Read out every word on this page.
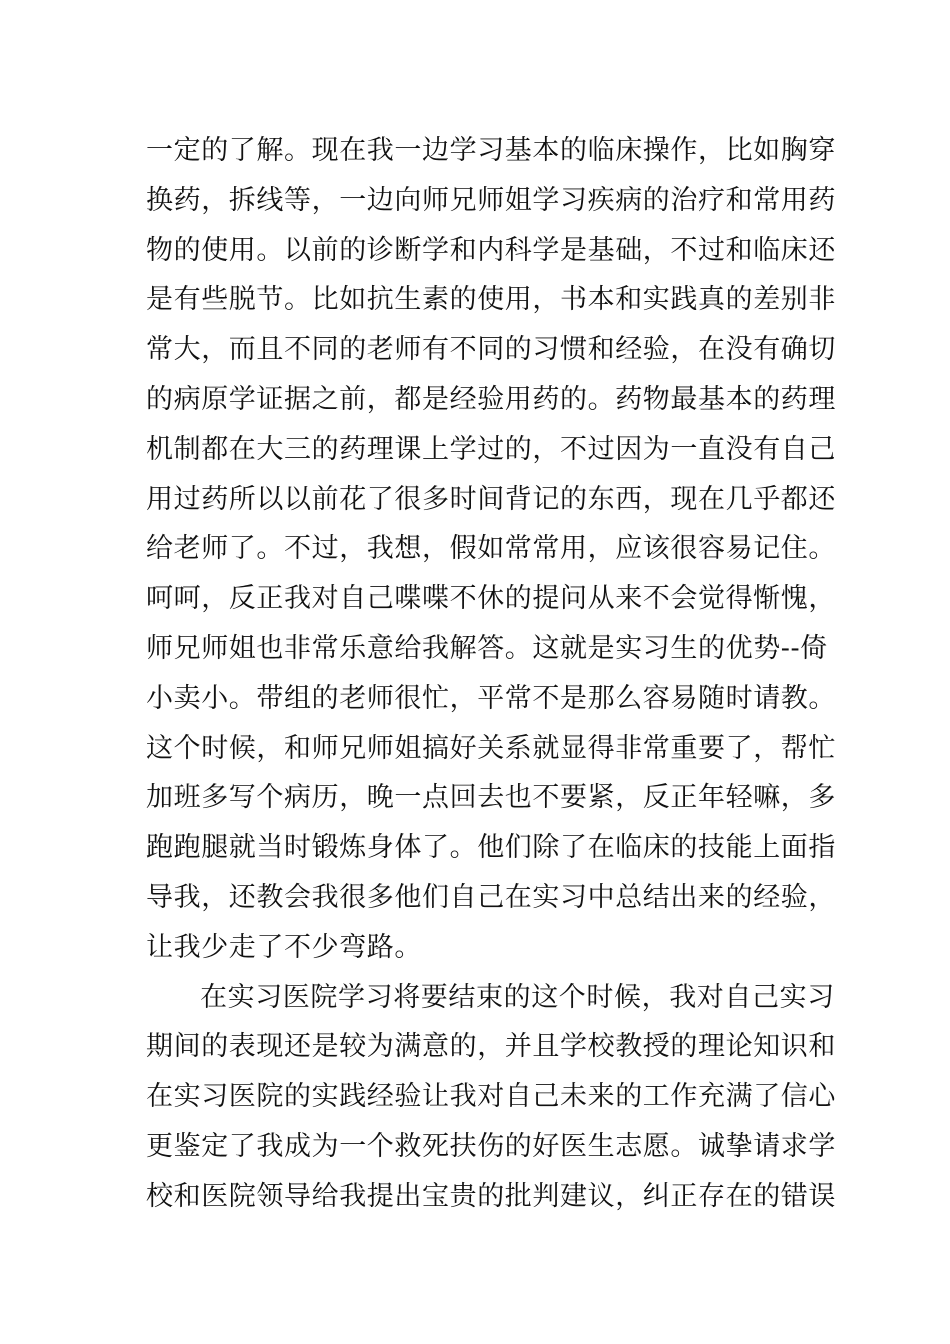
一定的了解。现在我一边学习基本的临床操作，比如胸穿
换药，拆线等，一边向师兄师姐学习疾病的治疗和常用药
物的使用。以前的诊断学和内科学是基础，不过和临床还
是有些脱节。比如抗生素的使用，书本和实践真的差别非
常大，而且不同的老师有不同的习惯和经验，在没有确切
的病原学证据之前，都是经验用药的。药物最基本的药理
机制都在大三的药理课上学过的，不过因为一直没有自己
用过药所以以前花了很多时间背记的东西，现在几乎都还
给老师了。不过，我想，假如常常用，应该很容易记住。
呵呵，反正我对自己喋喋不休的提问从来不会觉得惭愧，
师兄师姐也非常乐意给我解答。这就是实习生的优势--倚
小卖小。带组的老师很忙，平常不是那么容易随时请教。
这个时候，和师兄师姐搞好关系就显得非常重要了，帮忙
加班多写个病历，晚一点回去也不要紧，反正年轻嘛，多
跑跑腿就当时锻炼身体了。他们除了在临床的技能上面指
导我，还教会我很多他们自己在实习中总结出来的经验，
让我少走了不少弯路。
在实习医院学习将要结束的这个时候，我对自己实习
期间的表现还是较为满意的，并且学校教授的理论知识和
在实习医院的实践经验让我对自己未来的工作充满了信心
更鉴定了我成为一个救死扶伤的好医生志愿。诚挚请求学
校和医院领导给我提出宝贵的批判建议，纠正存在的错误
